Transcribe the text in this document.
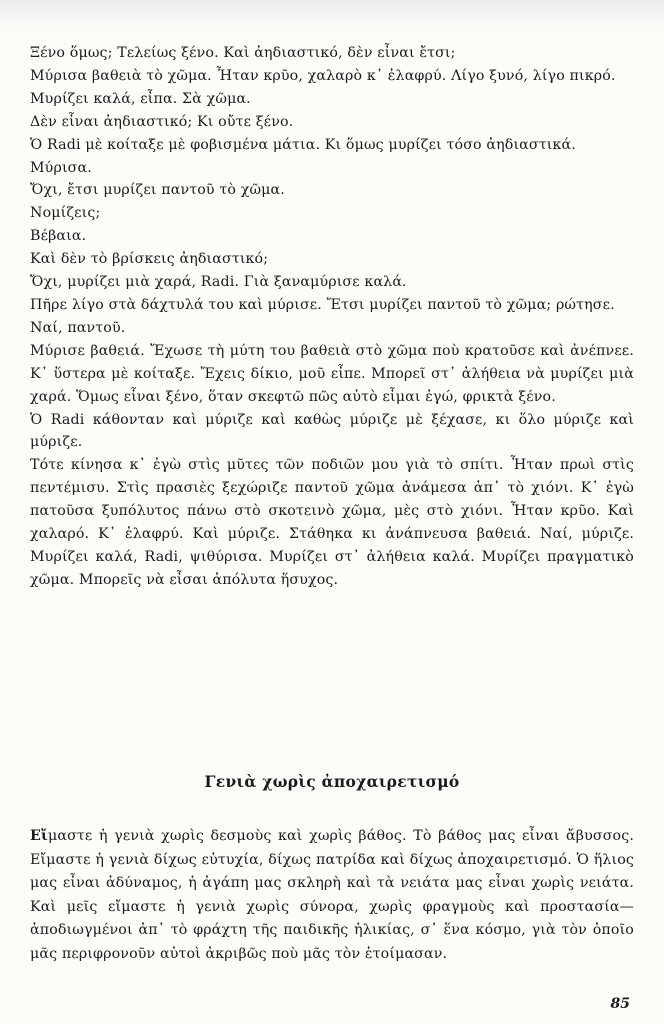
Ξένο ὅμως; Τελείως ξένο. Καὶ ἀηδιαστικό, δὲν εἶναι ἔτσι;

Μύρισα βαθειὰ τὸ χῶμα. Ἦταν κρῦο, χαλαρὸ κ᾿ ἐλαφρύ. Λίγο ξυνό, λίγο πικρό.

Μυρίζει καλά, εἶπα. Σὰ χῶμα.

Δὲν εἶναι ἀηδιαστικό; Κι οὔτε ξένο.

Ὁ Radi μὲ κοίταξε μὲ φοβισμένα μάτια. Κι ὅμως μυρίζει τόσο ἀηδιαστικά.

Μύρισα.

Ὄχι, ἔτσι μυρίζει παντοῦ τὸ χῶμα.

Νομίζεις;

Βέβαια.

Καὶ δὲν τὸ βρίσκεις ἀηδιαστικό;

Ὄχι, μυρίζει μιὰ χαρά, Radi. Γιὰ ξαναμύρισε καλά.

Πῆρε λίγο στὰ δάχτυλά του καὶ μύρισε. Ἔτσι μυρίζει παντοῦ τὸ χῶμα; ρώτησε.

Ναί, παντοῦ.

Μύρισε βαθειά. Ἔχωσε τὴ μύτη του βαθειὰ στὸ χῶμα ποὺ κρατοῦσε καὶ ἀνέπνεε. Κ᾿ ὕστερα μὲ κοίταξε. Ἔχεις δίκιο, μοῦ εἶπε. Μπορεῖ στ᾿ ἀλήθεια νὰ μυρίζει μιὰ χαρά. Ὅμως εἶναι ξένο, ὅταν σκεφτῶ πῶς αὐτὸ εἶμαι ἐγώ, φρικτὰ ξένο.

Ὁ Radi κάθονταν καὶ μύριζε καὶ καθὼς μύριζε μὲ ξέχασε, κι ὅλο μύριζε καὶ μύριζε.

Τότε κίνησα κ᾿ ἐγὼ στὶς μῦτες τῶν ποδιῶν μου γιὰ τὸ σπίτι. Ἦταν πρωὶ στὶς πεντέμισυ. Στὶς πρασιὲς ξεχώριζε παντοῦ χῶμα ἀνάμεσα ἀπ᾿ τὸ χιόνι. Κ᾿ ἐγὼ πατοῦσα ξυπόλυτος πάνω στὸ σκοτεινὸ χῶμα, μὲς στὸ χιόνι. Ἦταν κρῦο. Καὶ χαλαρό. Κ᾿ ἐλαφρύ. Καὶ μύριζε. Στάθηκα κι ἀνάπνευσα βαθειά. Ναί, μύριζε. Μυρίζει καλά, Radi, ψιθύρισα. Μυρίζει στ᾿ ἀλήθεια καλά. Μυρίζει πραγματικὸ χῶμα. Μπορεῖς νὰ εἶσαι ἀπόλυτα ἥσυχος.

Γενιὰ χωρὶς ἀποχαιρετισμό

Εἴμαστε ἡ γενιὰ χωρὶς δεσμοὺς καὶ χωρὶς βάθος. Τὸ βάθος μας εἶναι ἄβυσσος. Εἴμαστε ἡ γενιὰ δίχως εὐτυχία, δίχως πατρίδα καὶ δίχως ἀποχαιρετισμό. Ὁ ἥλιος μας εἶναι ἀδύναμος, ἡ ἀγάπη μας σκληρὴ καὶ τὰ νειάτα μας εἶναι χωρὶς νειάτα. Καὶ μεῖς εἴμαστε ἡ γενιὰ χωρὶς σύνορα, χωρὶς φραγμοὺς καὶ προστασία—ἀποδιωγμένοι ἀπ᾿ τὸ φράχτη τῆς παιδικῆς ἡλικίας, σ᾿ ἕνα κόσμο, γιὰ τὸν ὁποῖο μᾶς περιφρονοῦν αὐτοὶ ἀκριβῶς ποὺ μᾶς τὸν ἑτοίμασαν.

85
